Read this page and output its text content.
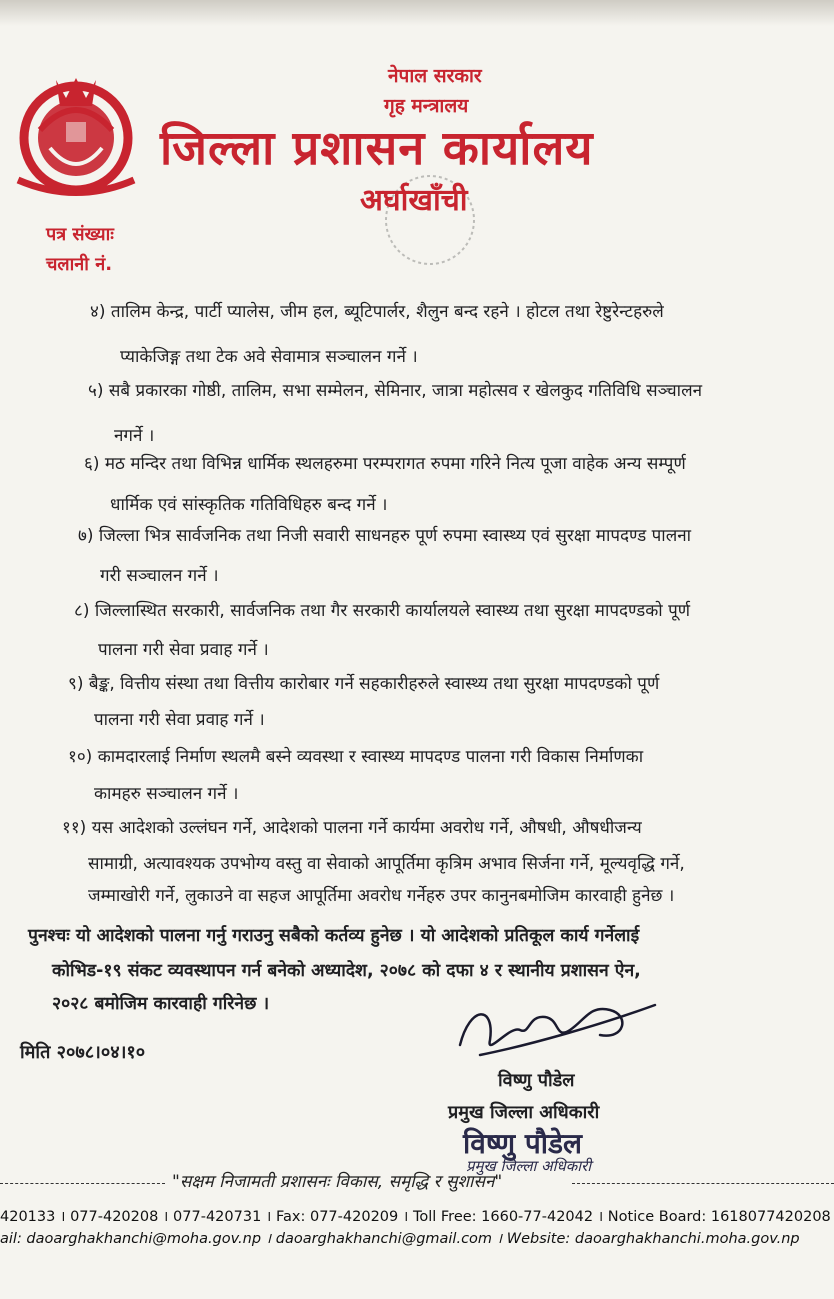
नेपाल सरकार
गृह मन्त्रालय
जिल्ला प्रशासन कार्यालय
अर्घाखाँची
पत्र संख्याः
चलानी नं.
४) तालिम केन्द्र, पार्टी प्यालेस, जीम हल, ब्यूटिपार्लर, शैलुन बन्द रहने । होटल तथा रेष्टुरेन्टहरुले
प्याकेजिङ्ग तथा टेक अवे सेवामात्र सञ्चालन गर्ने ।
५) सबै प्रकारका गोष्ठी, तालिम, सभा सम्मेलन, सेमिनार, जात्रा महोत्सव र खेलकुद गतिविधि सञ्चालन
नगर्ने ।
६) मठ मन्दिर तथा विभिन्न धार्मिक स्थलहरुमा परम्परागत रुपमा गरिने नित्य पूजा वाहेक अन्य सम्पूर्ण
धार्मिक एवं सांस्कृतिक गतिविधिहरु बन्द गर्ने ।
७) जिल्ला भित्र सार्वजनिक तथा निजी सवारी साधनहरु पूर्ण रुपमा स्वास्थ्य एवं सुरक्षा मापदण्ड पालना
गरी सञ्चालन गर्ने ।
८) जिल्लास्थित सरकारी, सार्वजनिक तथा गैर सरकारी कार्यालयले स्वास्थ्य तथा सुरक्षा मापदण्डको पूर्ण
पालना गरी सेवा प्रवाह गर्ने ।
९) बैङ्क, वित्तीय संस्था तथा वित्तीय कारोबार गर्ने सहकारीहरुले स्वास्थ्य तथा सुरक्षा मापदण्डको पूर्ण
पालना गरी सेवा प्रवाह गर्ने ।
१०) कामदारलाई निर्माण स्थलमै बस्ने व्यवस्था र स्वास्थ्य मापदण्ड पालना गरी विकास निर्माणका
कामहरु सञ्चालन गर्ने ।
११) यस आदेशको उल्लंघन गर्ने, आदेशको पालना गर्ने कार्यमा अवरोध गर्ने, औषधी, औषधीजन्य
सामाग्री, अत्यावश्यक उपभोग्य वस्तु वा सेवाको आपूर्तिमा कृत्रिम अभाव सिर्जना गर्ने, मूल्यवृद्धि गर्ने,
जम्माखोरी गर्ने, लुकाउने वा सहज आपूर्तिमा अवरोध गर्नेहरु उपर कानुनबमोजिम कारवाही हुनेछ ।
पुनश्चः यो आदेशको पालना गर्नु गराउनु सबैको कर्तव्य हुनेछ । यो आदेशको प्रतिकूल कार्य गर्नेलाई
कोभिड-१९ संकट व्यवस्थापन गर्न बनेको अध्यादेश, २०७८ को दफा ४ र स्थानीय प्रशासन ऐन,
२०२८ बमोजिम कारवाही गरिनेछ ।
मिति २०७८।०४।१०
विष्णु पौडेल
प्रमुख जिल्ला अधिकारी
विष्णु पौडेल
प्रमुख जिल्ला अधिकारी
"सक्षम निजामती प्रशासनः विकास, समृद्धि र सुशासन"
420133 । 077-420208 । 077-420731 । Fax: 077-420209 । Toll Free: 1660-77-42042 । Notice Board: 1618077420208
ail: daoarghakhanchi@moha.gov.np । daoarghakhanchi@gmail.com । Website: daoarghakhanchi.moha.gov.np
